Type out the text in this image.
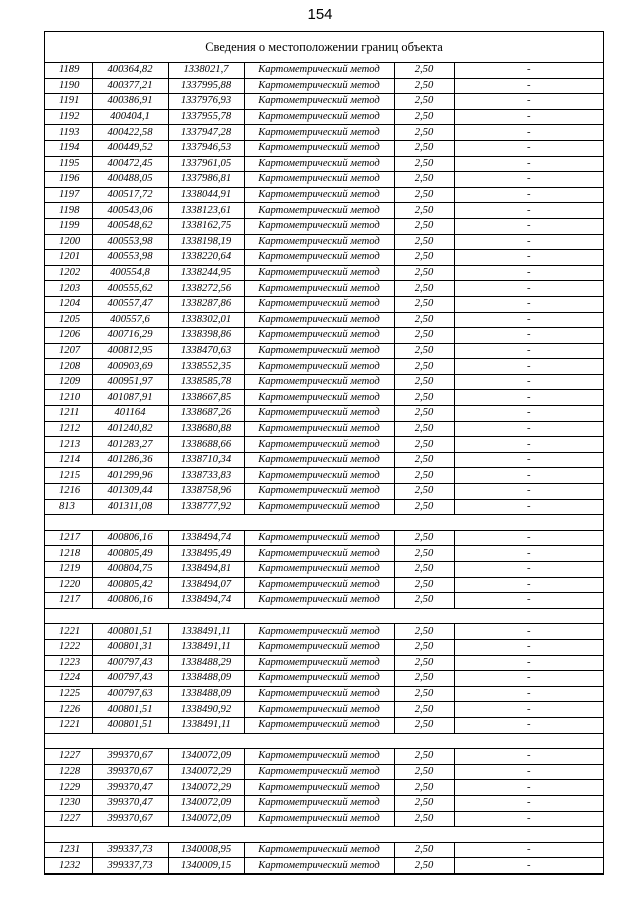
154
Сведения о местоположении границ объекта
1189	400364,82	1338021,7	Картометрический метод	2,50	-
1190	400377,21	1337995,88	Картометрический метод	2,50	-
1191	400386,91	1337976,93	Картометрический метод	2,50	-
1192	400404,1	1337955,78	Картометрический метод	2,50	-
1193	400422,58	1337947,28	Картометрический метод	2,50	-
1194	400449,52	1337946,53	Картометрический метод	2,50	-
1195	400472,45	1337961,05	Картометрический метод	2,50	-
1196	400488,05	1337986,81	Картометрический метод	2,50	-
1197	400517,72	1338044,91	Картометрический метод	2,50	-
1198	400543,06	1338123,61	Картометрический метод	2,50	-
1199	400548,62	1338162,75	Картометрический метод	2,50	-
1200	400553,98	1338198,19	Картометрический метод	2,50	-
1201	400553,98	1338220,64	Картометрический метод	2,50	-
1202	400554,8	1338244,95	Картометрический метод	2,50	-
1203	400555,62	1338272,56	Картометрический метод	2,50	-
1204	400557,47	1338287,86	Картометрический метод	2,50	-
1205	400557,6	1338302,01	Картометрический метод	2,50	-
1206	400716,29	1338398,86	Картометрический метод	2,50	-
1207	400812,95	1338470,63	Картометрический метод	2,50	-
1208	400903,69	1338552,35	Картометрический метод	2,50	-
1209	400951,97	1338585,78	Картометрический метод	2,50	-
1210	401087,91	1338667,85	Картометрический метод	2,50	-
1211	401164	1338687,26	Картометрический метод	2,50	-
1212	401240,82	1338680,88	Картометрический метод	2,50	-
1213	401283,27	1338688,66	Картометрический метод	2,50	-
1214	401286,36	1338710,34	Картометрический метод	2,50	-
1215	401299,96	1338733,83	Картометрический метод	2,50	-
1216	401309,44	1338758,96	Картометрический метод	2,50	-
813	401311,08	1338777,92	Картометрический метод	2,50	-

1217	400806,16	1338494,74	Картометрический метод	2,50	-
1218	400805,49	1338495,49	Картометрический метод	2,50	-
1219	400804,75	1338494,81	Картометрический метод	2,50	-
1220	400805,42	1338494,07	Картометрический метод	2,50	-
1217	400806,16	1338494,74	Картометрический метод	2,50	-

1221	400801,51	1338491,11	Картометрический метод	2,50	-
1222	400801,31	1338491,11	Картометрический метод	2,50	-
1223	400797,43	1338488,29	Картометрический метод	2,50	-
1224	400797,43	1338488,09	Картометрический метод	2,50	-
1225	400797,63	1338488,09	Картометрический метод	2,50	-
1226	400801,51	1338490,92	Картометрический метод	2,50	-
1221	400801,51	1338491,11	Картометрический метод	2,50	-

1227	399370,67	1340072,09	Картометрический метод	2,50	-
1228	399370,67	1340072,29	Картометрический метод	2,50	-
1229	399370,47	1340072,29	Картометрический метод	2,50	-
1230	399370,47	1340072,09	Картометрический метод	2,50	-
1227	399370,67	1340072,09	Картометрический метод	2,50	-

1231	399337,73	1340008,95	Картометрический метод	2,50	-
1232	399337,73	1340009,15	Картометрический метод	2,50	-
